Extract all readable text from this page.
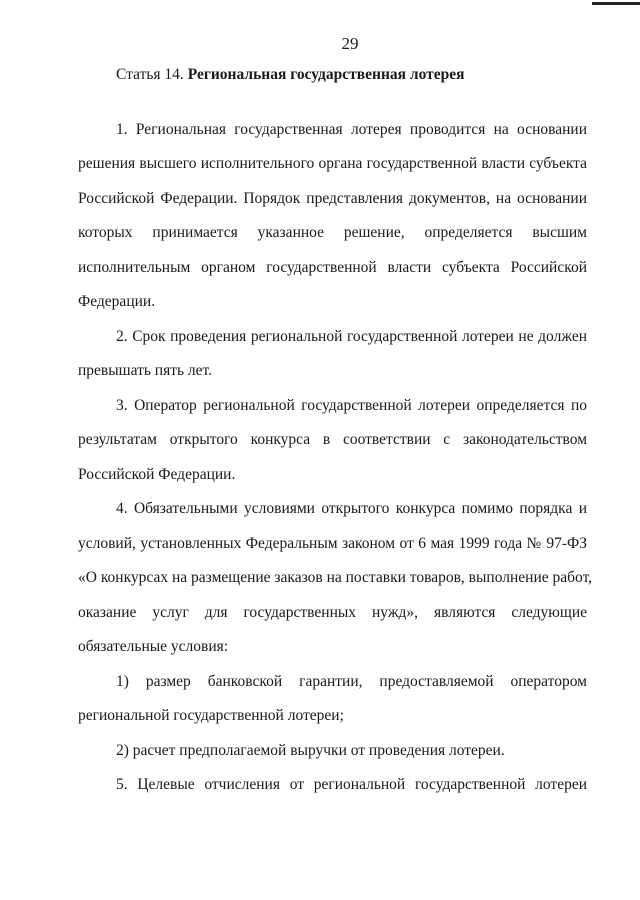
29
Статья 14. Региональная государственная лотерея
1. Региональная государственная лотерея проводится на основании
решения высшего исполнительного органа государственной власти субъекта
Российской Федерации. Порядок представления документов, на основании
которых принимается указанное решение, определяется высшим
исполнительным органом государственной власти субъекта Российской
Федерации.
2. Срок проведения региональной государственной лотереи не должен
превышать пять лет.
3. Оператор региональной государственной лотереи определяется по
результатам открытого конкурса в соответствии с законодательством
Российской Федерации.
4. Обязательными условиями открытого конкурса помимо порядка и
условий, установленных Федеральным законом от 6 мая 1999 года № 97-ФЗ
«О конкурсах на размещение заказов на поставки товаров, выполнение работ,
оказание услуг для государственных нужд», являются следующие
обязательные условия:
1) размер банковской гарантии, предоставляемой оператором
региональной государственной лотереи;
2) расчет предполагаемой выручки от проведения лотереи.
5. Целевые отчисления от региональной государственной лотереи
